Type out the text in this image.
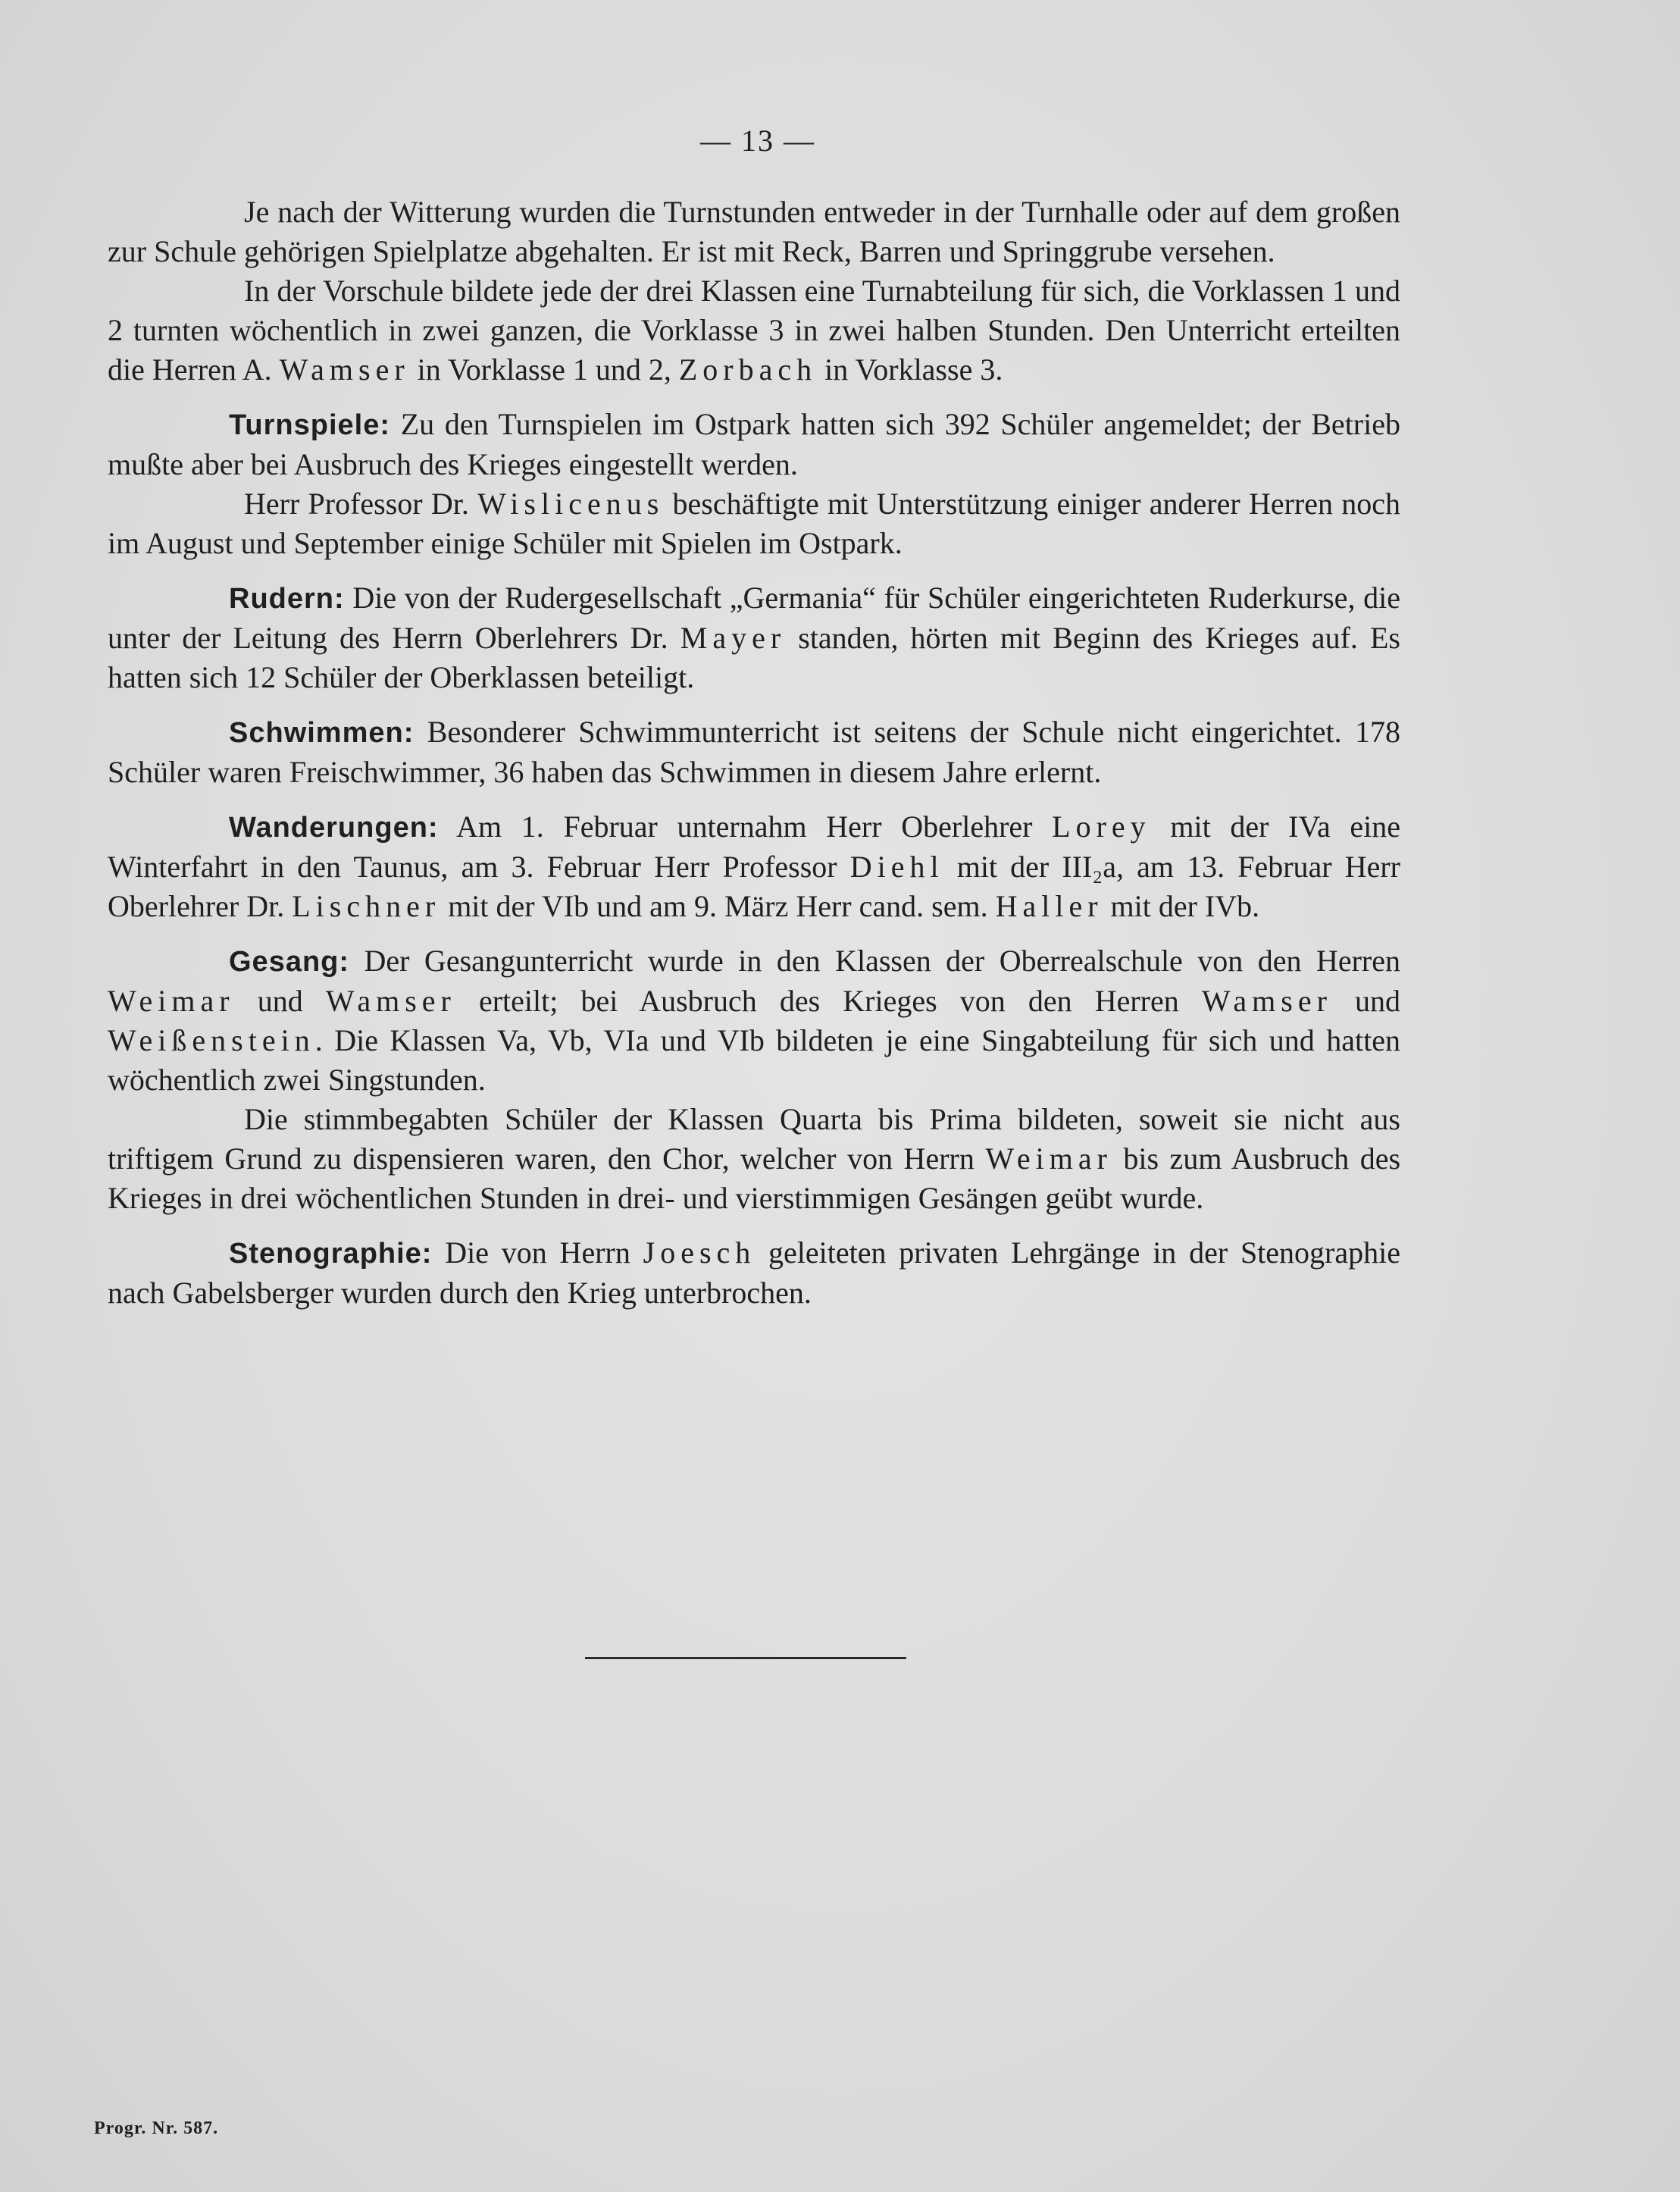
— 13 —

Je nach der Witterung wurden die Turnstunden entweder in der Turnhalle oder auf dem großen zur Schule gehörigen Spielplatze abgehalten. Er ist mit Reck, Barren und Springgrube versehen.

In der Vorschule bildete jede der drei Klassen eine Turnabteilung für sich, die Vorklassen 1 und 2 turnten wöchentlich in zwei ganzen, die Vorklasse 3 in zwei halben Stunden. Den Unterricht erteilten die Herren A. Wamser in Vorklasse 1 und 2, Zorbach in Vorklasse 3.

Turnspiele: Zu den Turnspielen im Ostpark hatten sich 392 Schüler angemeldet; der Betrieb mußte aber bei Ausbruch des Krieges eingestellt werden.

Herr Professor Dr. Wislicenus beschäftigte mit Unterstützung einiger anderer Herren noch im August und September einige Schüler mit Spielen im Ostpark.

Rudern: Die von der Rudergesellschaft „Germania“ für Schüler eingerichteten Ruderkurse, die unter der Leitung des Herrn Oberlehrers Dr. Mayer standen, hörten mit Beginn des Krieges auf. Es hatten sich 12 Schüler der Oberklassen beteiligt.

Schwimmen: Besonderer Schwimmunterricht ist seitens der Schule nicht eingerichtet. 178 Schüler waren Freischwimmer, 36 haben das Schwimmen in diesem Jahre erlernt.

Wanderungen: Am 1. Februar unternahm Herr Oberlehrer Lorey mit der IVa eine Winterfahrt in den Taunus, am 3. Februar Herr Professor Diehl mit der III₂a, am 13. Februar Herr Oberlehrer Dr. Lischner mit der VIb und am 9. März Herr cand. sem. Haller mit der IVb.

Gesang: Der Gesangunterricht wurde in den Klassen der Oberrealschule von den Herren Weimar und Wamser erteilt; bei Ausbruch des Krieges von den Herren Wamser und Weißenstein. Die Klassen Va, Vb, VIa und VIb bildeten je eine Singabteilung für sich und hatten wöchentlich zwei Singstunden.

Die stimmbegabten Schüler der Klassen Quarta bis Prima bildeten, soweit sie nicht aus triftigem Grund zu dispensieren waren, den Chor, welcher von Herrn Weimar bis zum Ausbruch des Krieges in drei wöchentlichen Stunden in drei- und vierstimmigen Gesängen geübt wurde.

Stenographie: Die von Herrn Joesch geleiteten privaten Lehrgänge in der Stenographie nach Gabelsberger wurden durch den Krieg unterbrochen.

Progr. Nr. 587.
